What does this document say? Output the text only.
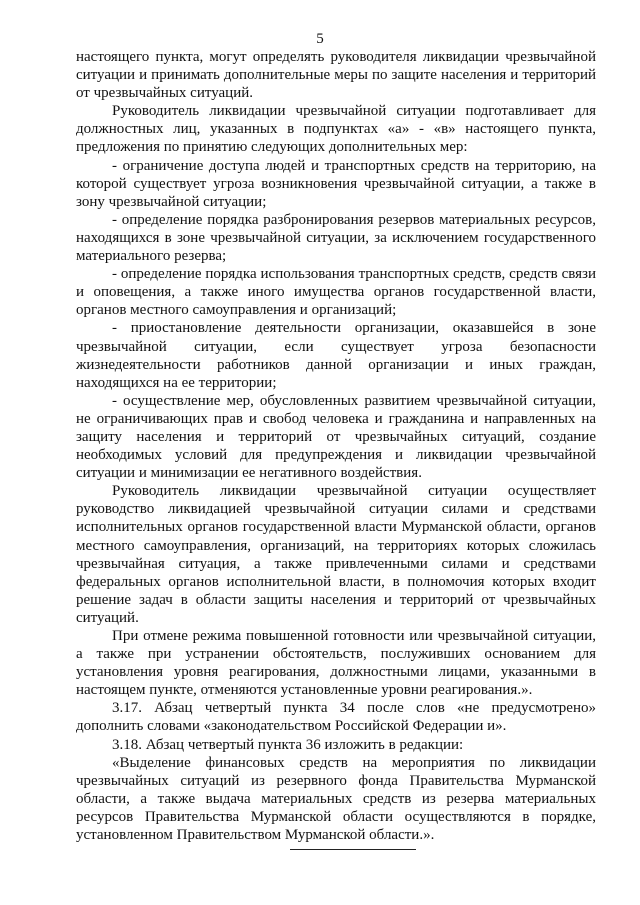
5

настоящего пункта, могут определять руководителя ликвидации чрезвычайной ситуации и принимать дополнительные меры по защите населения и территорий от чрезвычайных ситуаций.

Руководитель ликвидации чрезвычайной ситуации подготавливает для должностных лиц, указанных в подпунктах «а» - «в» настоящего пункта, предложения по принятию следующих дополнительных мер:

- ограничение доступа людей и транспортных средств на территорию, на которой существует угроза возникновения чрезвычайной ситуации, а также в зону чрезвычайной ситуации;

- определение порядка разбронирования резервов материальных ресурсов, находящихся в зоне чрезвычайной ситуации, за исключением государственного материального резерва;

- определение порядка использования транспортных средств, средств связи и оповещения, а также иного имущества органов государственной власти, органов местного самоуправления и организаций;

- приостановление деятельности организации, оказавшейся в зоне чрезвычайной ситуации, если существует угроза безопасности жизнедеятельности работников данной организации и иных граждан, находящихся на ее территории;

- осуществление мер, обусловленных развитием чрезвычайной ситуации, не ограничивающих прав и свобод человека и гражданина и направленных на защиту населения и территорий от чрезвычайных ситуаций, создание необходимых условий для предупреждения и ликвидации чрезвычайной ситуации и минимизации ее негативного воздействия.

Руководитель ликвидации чрезвычайной ситуации осуществляет руководство ликвидацией чрезвычайной ситуации силами и средствами исполнительных органов государственной власти Мурманской области, органов местного самоуправления, организаций, на территориях которых сложилась чрезвычайная ситуация, а также привлеченными силами и средствами федеральных органов исполнительной власти, в полномочия которых входит решение задач в области защиты населения и территорий от чрезвычайных ситуаций.

При отмене режима повышенной готовности или чрезвычайной ситуации, а также при устранении обстоятельств, послуживших основанием для установления уровня реагирования, должностными лицами, указанными в настоящем пункте, отменяются установленные уровни реагирования.».

3.17. Абзац четвертый пункта 34 после слов «не предусмотрено» дополнить словами «законодательством Российской Федерации и».

3.18. Абзац четвертый пункта 36 изложить в редакции:

«Выделение финансовых средств на мероприятия по ликвидации чрезвычайных ситуаций из резервного фонда Правительства Мурманской области, а также выдача материальных средств из резерва материальных ресурсов Правительства Мурманской области осуществляются в порядке, установленном Правительством Мурманской области.».
